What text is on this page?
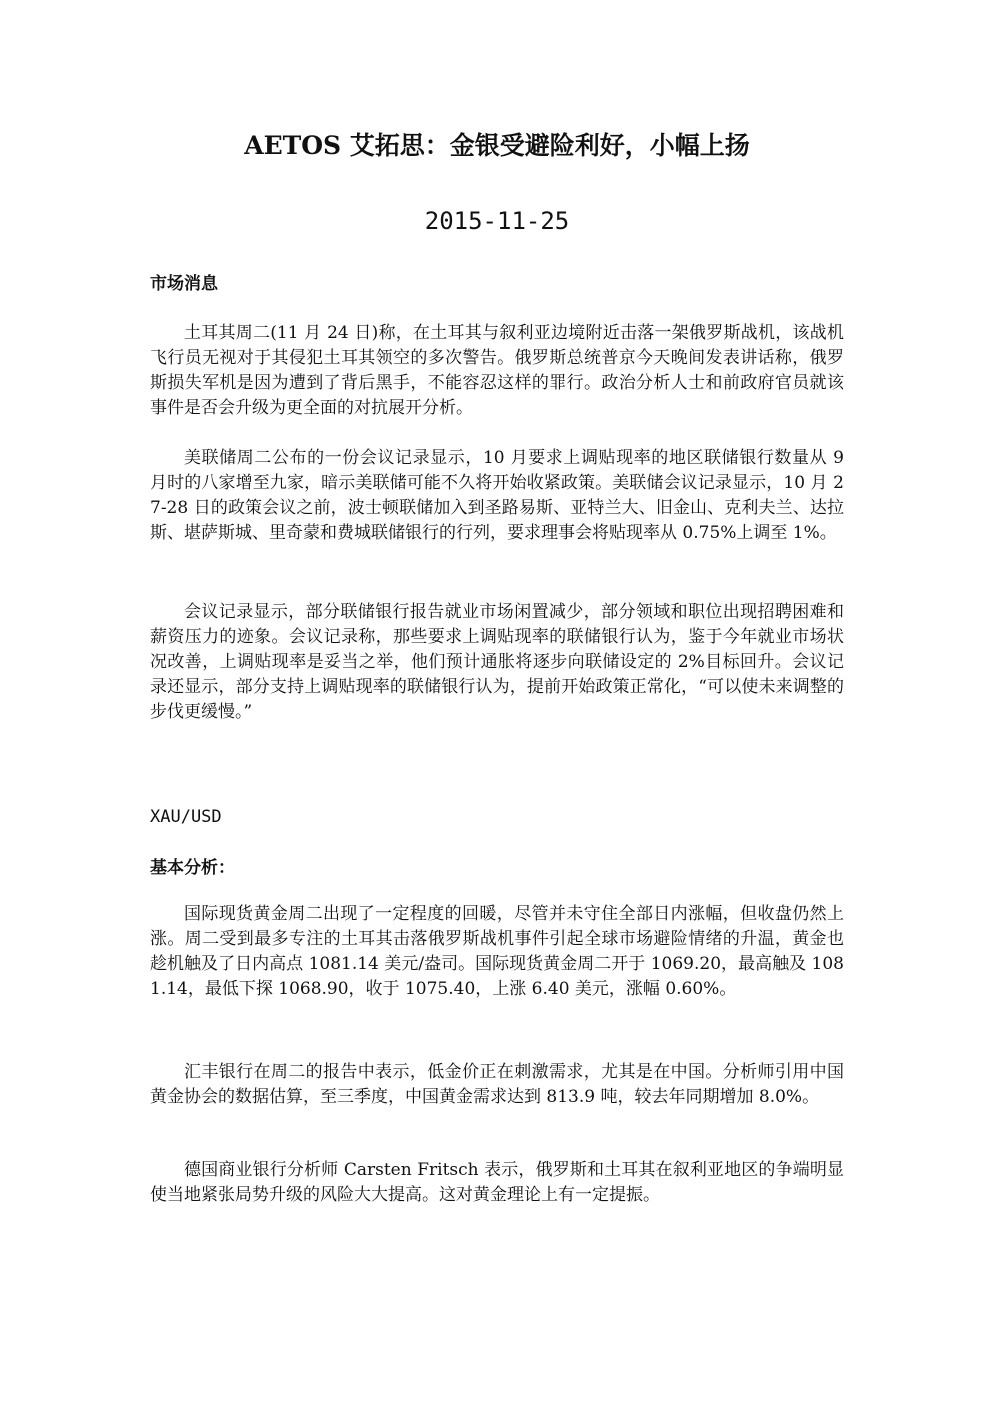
AETOS 艾拓思：金银受避险利好，小幅上扬
2015-11-25
市场消息
土耳其周二(11 月 24 日)称，在土耳其与叙利亚边境附近击落一架俄罗斯战机，该战机飞行员无视对于其侵犯土耳其领空的多次警告。俄罗斯总统普京今天晚间发表讲话称，俄罗斯损失军机是因为遭到了背后黑手，不能容忍这样的罪行。政治分析人士和前政府官员就该事件是否会升级为更全面的对抗展开分析。
美联储周二公布的一份会议记录显示，10 月要求上调贴现率的地区联储银行数量从 9 月时的八家增至九家，暗示美联储可能不久将开始收紧政策。美联储会议记录显示，10 月 27-28 日的政策会议之前，波士顿联储加入到圣路易斯、亚特兰大、旧金山、克利夫兰、达拉斯、堪萨斯城、里奇蒙和费城联储银行的行列，要求理事会将贴现率从 0.75%上调至 1%。
会议记录显示，部分联储银行报告就业市场闲置减少，部分领域和职位出现招聘困难和薪资压力的迹象。会议记录称，那些要求上调贴现率的联储银行认为，鉴于今年就业市场状况改善，上调贴现率是妥当之举，他们预计通胀将逐步向联储设定的 2%目标回升。会议记录还显示，部分支持上调贴现率的联储银行认为，提前开始政策正常化，“可以使未来调整的步伐更缓慢。”
XAU/USD
基本分析：
国际现货黄金周二出现了一定程度的回暖，尽管并未守住全部日内涨幅，但收盘仍然上涨。周二受到最多专注的土耳其击落俄罗斯战机事件引起全球市场避险情绪的升温，黄金也趁机触及了日内高点 1081.14 美元/盎司。国际现货黄金周二开于 1069.20，最高触及 1081.14，最低下探 1068.90，收于 1075.40，上涨 6.40 美元，涨幅 0.60%。
汇丰银行在周二的报告中表示，低金价正在刺激需求，尤其是在中国。分析师引用中国黄金协会的数据估算，至三季度，中国黄金需求达到 813.9 吨，较去年同期增加 8.0%。
德国商业银行分析师 Carsten Fritsch 表示，俄罗斯和土耳其在叙利亚地区的争端明显使当地紧张局势升级的风险大大提高。这对黄金理论上有一定提振。
